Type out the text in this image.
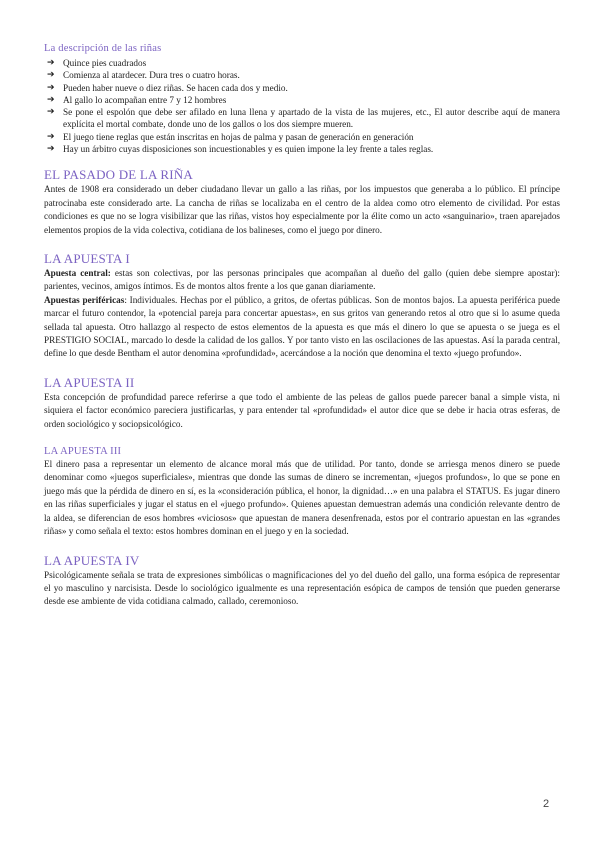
La descripción de las riñas
➔ Quince pies cuadrados
➔ Comienza al atardecer. Dura tres o cuatro horas.
➔ Pueden haber nueve o diez riñas. Se hacen cada dos y medio.
➔ Al gallo lo acompañan entre 7 y 12 hombres
➔ Se pone el espolón que debe ser afilado en luna llena y apartado de la vista de las mujeres, etc., El autor describe aquí de manera explícita el mortal combate, donde uno de los gallos o los dos siempre mueren.
➔ El juego tiene reglas que están inscritas en hojas de palma y pasan de generación en generación
➔ Hay un árbitro cuyas disposiciones son incuestionables y es quien impone la ley frente a tales reglas.
EL PASADO DE LA RIÑA

Antes de 1908 era considerado un deber ciudadano llevar un gallo a las riñas, por los impuestos que generaba a lo público. El príncipe patrocinaba este considerado arte. La cancha de riñas se localizaba en el centro de la aldea como otro elemento de civilidad. Por estas condiciones es que no se logra visibilizar que las riñas, vistos hoy especialmente por la élite como un acto «sanguinario», traen aparejados elementos propios de la vida colectiva, cotidiana de los balineses, como el juego por dinero.

LA APUESTA I

Apuesta central: estas son colectivas, por las personas principales que acompañan al dueño del gallo (quien debe siempre apostar): parientes, vecinos, amigos íntimos. Es de montos altos frente a los que ganan diariamente.

Apuestas periféricas: Individuales. Hechas por el público, a gritos, de ofertas públicas. Son de montos bajos. La apuesta periférica puede marcar el futuro contendor, la «potencial pareja para concertar apuestas», en sus gritos van generando retos al otro que si lo asume queda sellada tal apuesta. Otro hallazgo al respecto de estos elementos de la apuesta es que más el dinero lo que se apuesta o se juega es el PRESTIGIO SOCIAL, marcado lo desde la calidad de los gallos. Y por tanto visto en las oscilaciones de las apuestas. Así la parada central, define lo que desde Bentham el autor denomina «profundidad», acercándose a la noción que denomina el texto «juego profundo».

LA APUESTA II

Esta concepción de profundidad parece referirse a que todo el ambiente de las peleas de gallos puede parecer banal a simple vista, ni siquiera el factor económico pareciera justificarlas, y para entender tal «profundidad» el autor dice que se debe ir hacia otras esferas, de orden sociológico y sociopsicológico.

LA APUESTA III

El dinero pasa a representar un elemento de alcance moral más que de utilidad. Por tanto, donde se arriesga menos dinero se puede denominar como «juegos superficiales», mientras que donde las sumas de dinero se incrementan, «juegos profundos», lo que se pone en juego más que la pérdida de dinero en sí, es la «consideración pública, el honor, la dignidad…» en una palabra el STATUS. Es jugar dinero en las riñas superficiales y jugar el status en el «juego profundo». Quienes apuestan demuestran además una condición relevante dentro de la aldea, se diferencian de esos hombres «viciosos» que apuestan de manera desenfrenada, estos por el contrario apuestan en las «grandes riñas» y como señala el texto: estos hombres dominan en el juego y en la sociedad.

LA APUESTA IV

Psicológicamente señala se trata de expresiones simbólicas o magnificaciones del yo del dueño del gallo, una forma esópica de representar el yo masculino y narcisista. Desde lo sociológico igualmente es una representación esópica de campos de tensión que pueden generarse desde ese ambiente de vida cotidiana calmado, callado, ceremonioso.

2
